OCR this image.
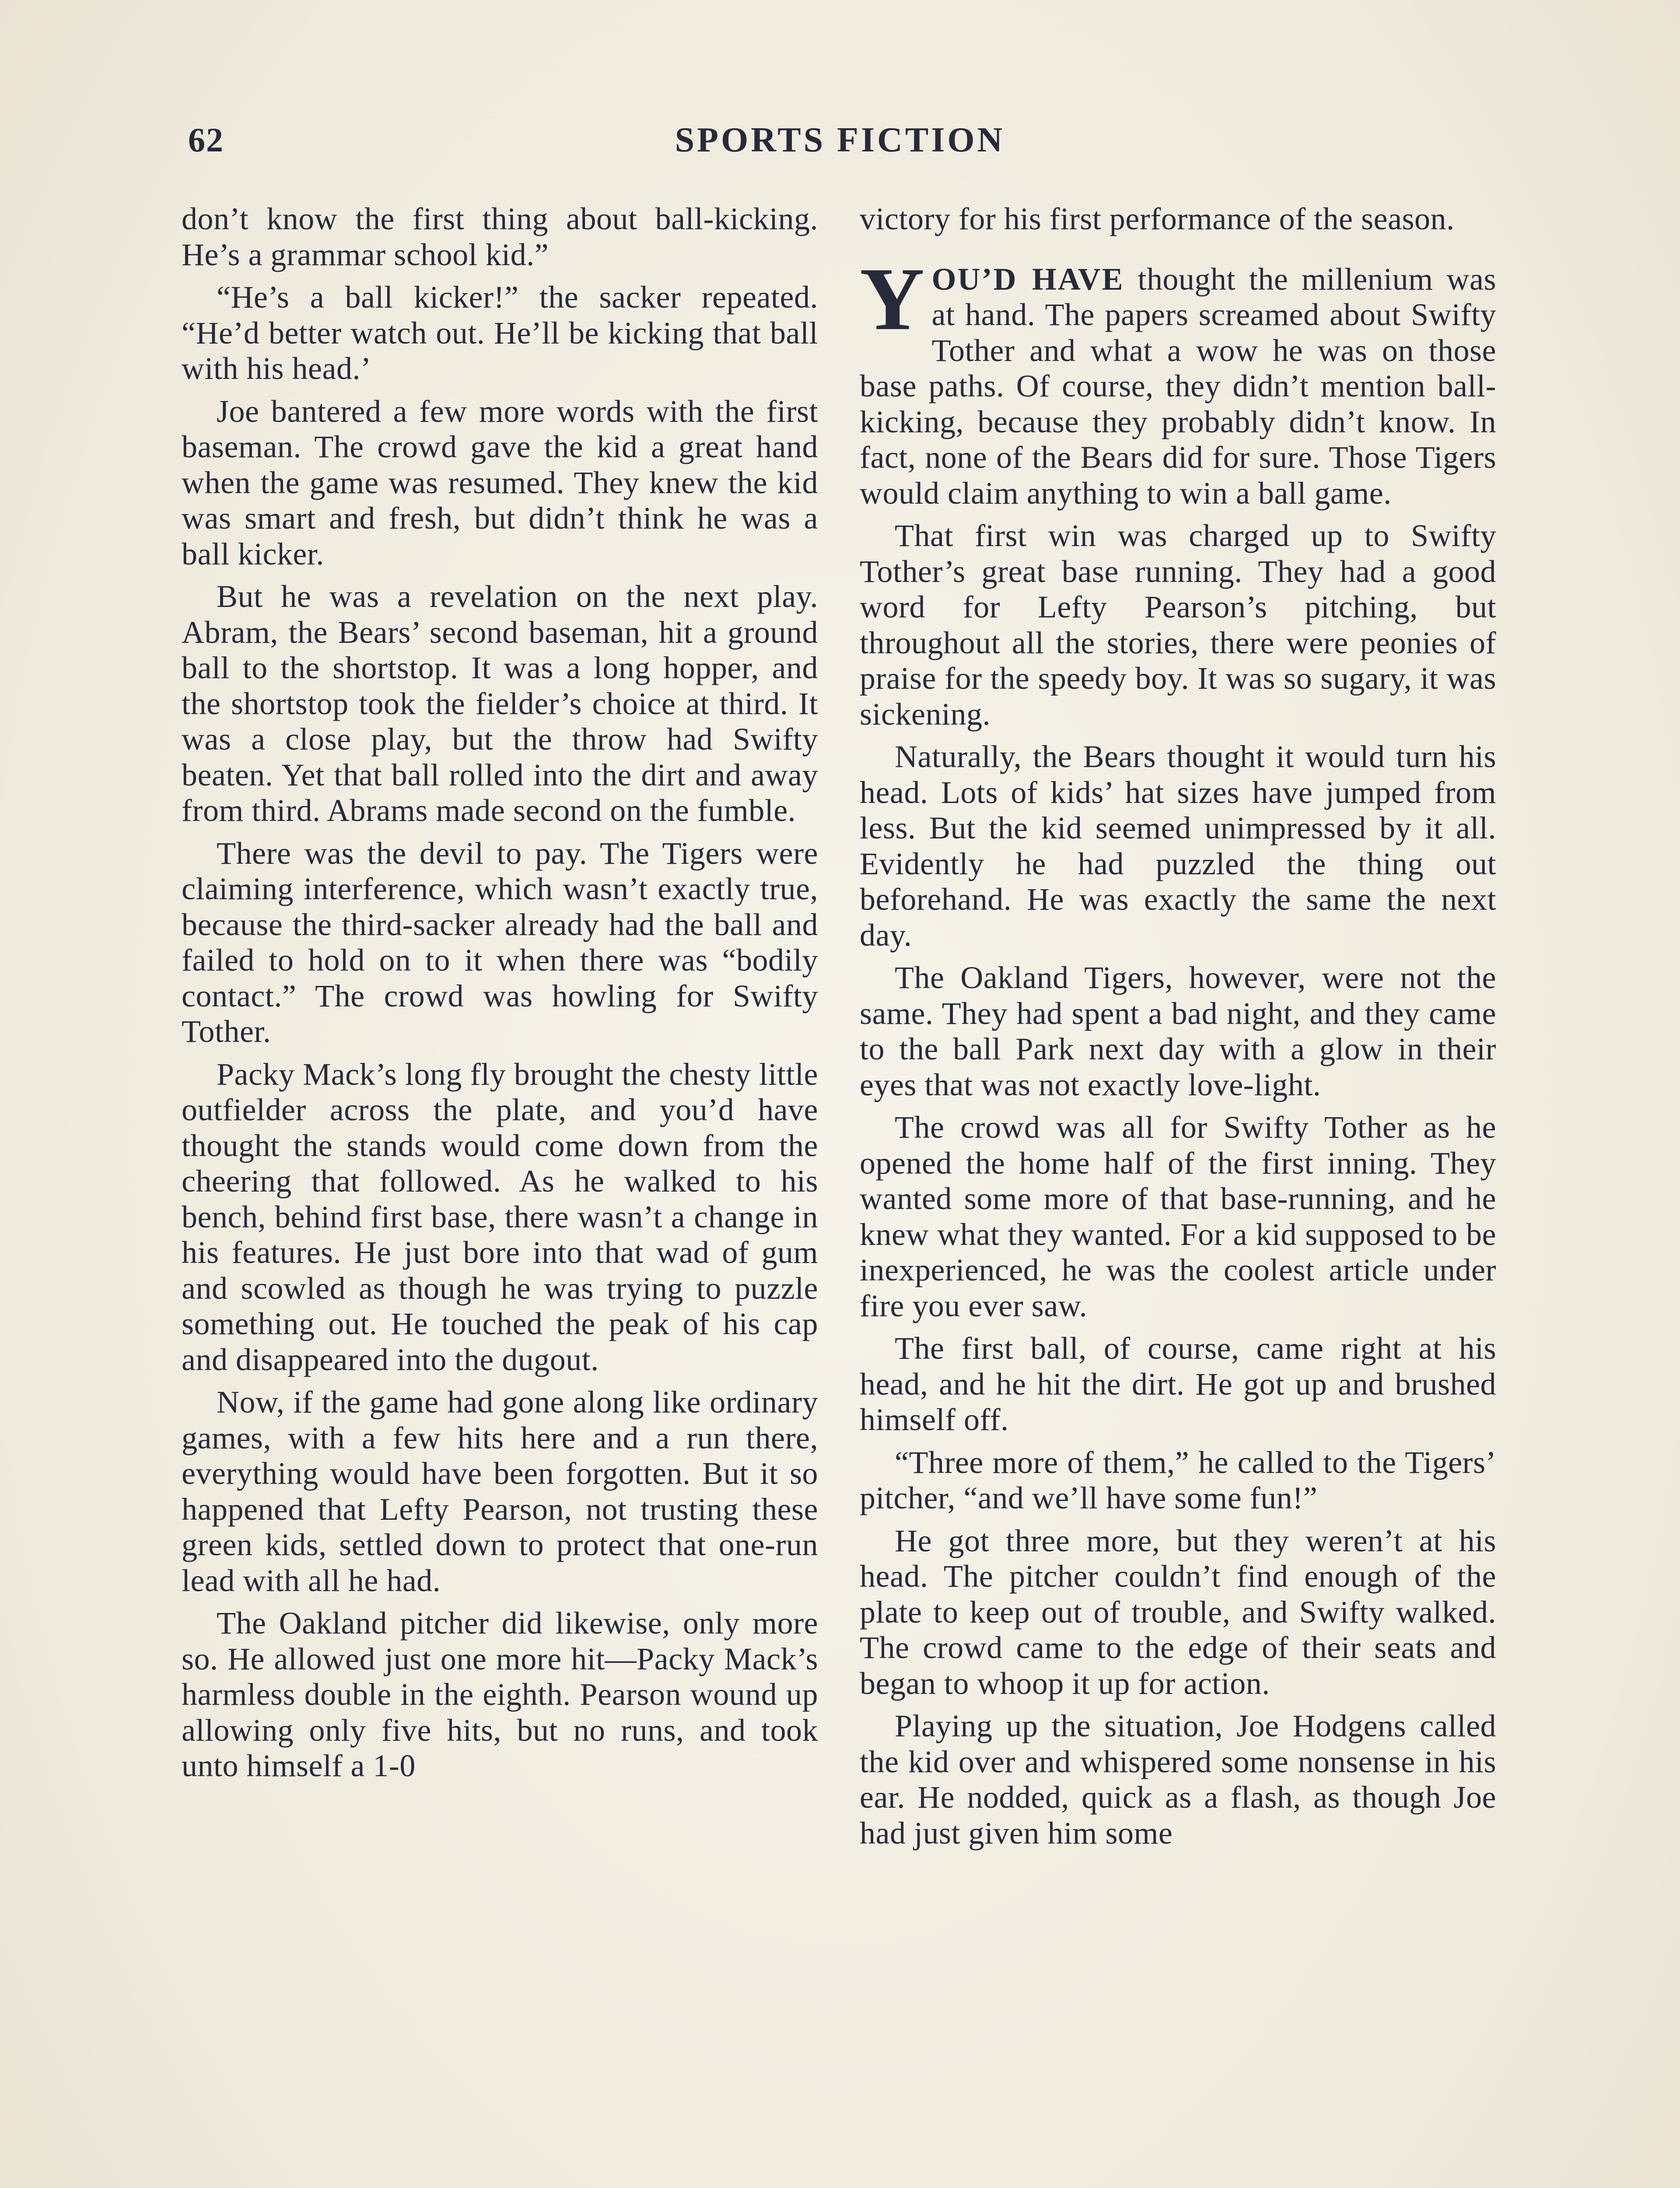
62	SPORTS FICTION

don’t know the first thing about ball-kicking. He’s a grammar school kid.”

“He’s a ball kicker!” the sacker repeated. “He’d better watch out. He’ll be kicking that ball with his head.’

Joe bantered a few more words with the first baseman. The crowd gave the kid a great hand when the game was resumed. They knew the kid was smart and fresh, but didn’t think he was a ball kicker.

But he was a revelation on the next play. Abram, the Bears’ second baseman, hit a ground ball to the shortstop. It was a long hopper, and the shortstop took the fielder’s choice at third. It was a close play, but the throw had Swifty beaten. Yet that ball rolled into the dirt and away from third. Abrams made second on the fumble.

There was the devil to pay. The Tigers were claiming interference, which wasn’t exactly true, because the third-sacker already had the ball and failed to hold on to it when there was “bodily contact.” The crowd was howling for Swifty Tother.

Packy Mack’s long fly brought the chesty little outfielder across the plate, and you’d have thought the stands would come down from the cheering that followed. As he walked to his bench, behind first base, there wasn’t a change in his features. He just bore into that wad of gum and scowled as though he was trying to puzzle something out. He touched the peak of his cap and disappeared into the dugout.

Now, if the game had gone along like ordinary games, with a few hits here and a run there, everything would have been forgotten. But it so happened that Lefty Pearson, not trusting these green kids, settled down to protect that one-run lead with all he had.

The Oakland pitcher did likewise, only more so. He allowed just one more hit—Packy Mack’s harmless double in the eighth. Pearson wound up allowing only five hits, but no runs, and took unto himself a 1-0

victory for his first performance of the season.

YOU’D HAVE thought the millenium was at hand. The papers screamed about Swifty Tother and what a wow he was on those base paths. Of course, they didn’t mention ball-kicking, because they probably didn’t know. In fact, none of the Bears did for sure. Those Tigers would claim anything to win a ball game.

That first win was charged up to Swifty Tother’s great base running. They had a good word for Lefty Pearson’s pitching, but throughout all the stories, there were peonies of praise for the speedy boy. It was so sugary, it was sickening.

Naturally, the Bears thought it would turn his head. Lots of kids’ hat sizes have jumped from less. But the kid seemed unimpressed by it all. Evidently he had puzzled the thing out beforehand. He was exactly the same the next day.

The Oakland Tigers, however, were not the same. They had spent a bad night, and they came to the ball Park next day with a glow in their eyes that was not exactly love-light.

The crowd was all for Swifty Tother as he opened the home half of the first inning. They wanted some more of that base-running, and he knew what they wanted. For a kid supposed to be inexperienced, he was the coolest article under fire you ever saw.

The first ball, of course, came right at his head, and he hit the dirt. He got up and brushed himself off.

“Three more of them,” he called to the Tigers’ pitcher, “and we’ll have some fun!”

He got three more, but they weren’t at his head. The pitcher couldn’t find enough of the plate to keep out of trouble, and Swifty walked. The crowd came to the edge of their seats and began to whoop it up for action.

Playing up the situation, Joe Hodgens called the kid over and whispered some nonsense in his ear. He nodded, quick as a flash, as though Joe had just given him some
